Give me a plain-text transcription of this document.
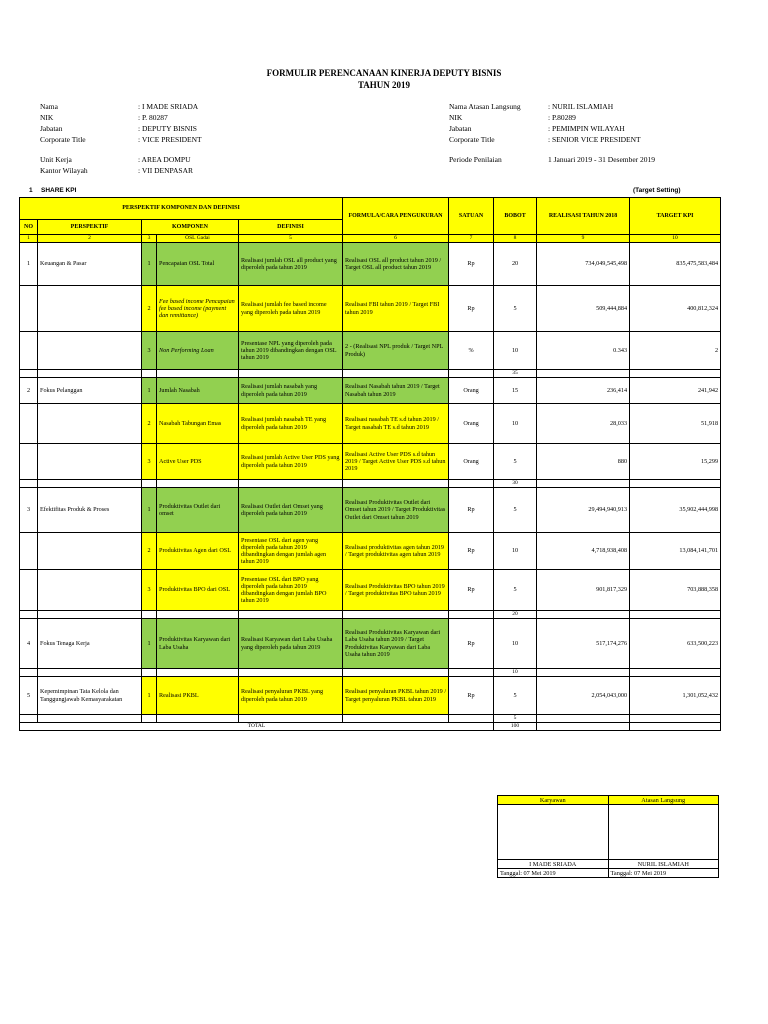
FORMULIR PERENCANAAN KINERJA DEPUTY BISNIS
TAHUN 2019
Nama	: I MADE SRIADA
NIK	: P. 80287
Jabatan	: DEPUTY BISNIS
Corporate Title	: VICE PRESIDENT
Unit Kerja	: AREA DOMPU
Kantor Wilayah	: VII DENPASAR
Nama Atasan Langsung	: NURIL ISLAMIAH
NIK	: P.80289
Jabatan	: PEMIMPIN WILAYAH
Corporate Title	: SENIOR VICE PRESIDENT
Periode Penilaian	1 Januari 2019 - 31 Desember 2019
1 SHARE KPI	(Target Setting)
PERSPEKTIF KOMPONEN DAN DEFINISI					FORMULA/CARA PENGUKURAN	SATUAN	BOBOT	REALISASI TAHUN 2018	TARGET KPI
NO	PERSPEKTIF	KOMPONEN		DEFINISI					
1	2	3	OSL Gadai	5	6	7	8	9	10
1	Keuangan & Pasar	1	Pencapaian OSL Total	Realisasi jumlah OSL all product yang diperoleh pada tahun 2019	Realisasi OSL all product tahun 2019 / Target OSL all product tahun 2019	Rp	20	734,049,545,498	835,475,583,484
		2	Fee based income Pencapaian fee based income (payment dan remittance)	Realisasi jumlah fee based income yang diperoleh pada tahun 2019	Realisasi FBI tahun 2019 / Target FBI tahun 2019	Rp	5	509,444,884	400,812,324
		3	Non Performing Loan	Presentase NPL yang diperoleh pada tahun 2019 dibandingkan dengan OSL tahun 2019	2 - (Realisasi NPL produk / Target NPL Produk)	%	10	0.343	2
							35		
2	Fokus Pelanggan	1	Jumlah Nasabah	Realisasi jumlah nasabah yang diperoleh pada tahun 2019	Realisasi Nasabah tahun 2019 / Target Nasabah tahun 2019	Orang	15	236,414	241,942
		2	Nasabah Tabungan Emas	Realisasi jumlah nasabah TE yang diperoleh pada tahun 2019	Realisasi nasabah TE s.d tahun 2019 / Target nasabah TE s.d tahun 2019	Orang	10	28,033	51,918
		3	Active User PDS	Realisasi jumlah Active User PDS yang diperoleh pada tahun 2019	Realisasi Active User PDS s.d tahun 2019 / Target Active User PDS s.d tahun 2019	Orang	5	880	15,299
							30		
3	Efektifitas Produk & Proses	1	Produktivitas Outlet dari omset	Realisasi Outlet dari Omset yang diperoleh pada tahun 2019	Realisasi Produktivitas Outlet dari Omset tahun 2019 / Target Produktivitas Outlet dari Omset tahun 2019	Rp	5	29,494,940,913	35,902,444,998
		2	Produktivitas Agen dari OSL	Presentase OSL dari agen yang diperoleh pada tahun 2019 dibandingkan dengan jumlah agen tahun 2019	Realisasi produktivitas agen tahun 2019 / Target produktivitas agen tahun 2019	Rp	10	4,718,938,408	13,084,141,701
		3	Produktivitas BPO dari OSL	Presentase OSL dari BPO yang diperoleh pada tahun 2019 dibandingkan dengan jumlah BPO tahun 2019	Realisasi Produktivitas BPO tahun 2019 / Target produktivitas BPO tahun 2019	Rp	5	901,817,329	703,888,358
							20		
4	Fokus Tenaga Kerja	1	Produktivitas Karyawan dari Laba Usaha	Realisasi Karyawan dari Laba Usaha yang diperoleh pada tahun 2019	Realisasi Produktivitas Karyawan dari Laba Usaha tahun 2019 / Target Produktivitas Karyawan dari Laba Usaha tahun 2019	Rp	10	517,174,276	633,500,223
							10		
5	Kepemimpinan Tata Kelola dan Tanggungjawab Kemasyarakatan	1	Realisasi PKBL	Realisasi penyaluran PKBL yang diperoleh pada tahun 2019	Realisasi penyaluran PKBL tahun 2019 / Target penyaluran PKBL tahun 2019	Rp	5	2,054,043,000	1,301,052,432
							5		
TOTAL							100		
Karyawan	Atasan Langsung

I MADE SRIADA	NURIL ISLAMIAH
Tanggal: 07 Mei 2019	Tanggal: 07 Mei 2019
